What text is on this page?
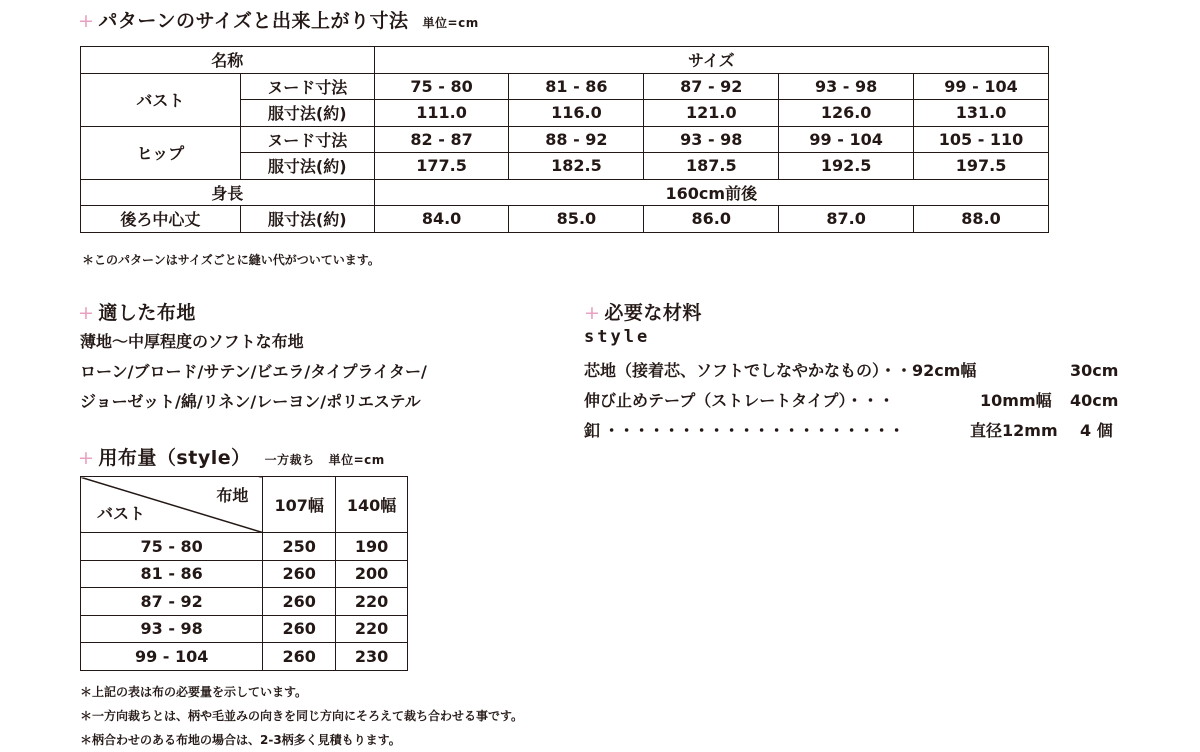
+ パターンのサイズと出来上がり寸法 単位=cm
名称		サイズ				
バスト	ヌード寸法	75 - 80	81 - 86	87 - 92	93 - 98	99 - 104
	服寸法(約)	111.0	116.0	121.0	126.0	131.0
ヒップ	ヌード寸法	82 - 87	88 - 92	93 - 98	99 - 104	105 - 110
	服寸法(約)	177.5	182.5	187.5	192.5	197.5
身長		160cm前後				
後ろ中心丈	服寸法(約)	84.0	85.0	86.0	87.0	88.0
＊このパターンはサイズごとに縫い代がついています。
+ 適した布地
薄地〜中厚程度のソフトな布地
ローン/ブロード/サテン/ビエラ/タイプライター/
ジョーゼット/綿/リネン/レーヨン/ポリエステル
+ 必要な材料
style
芯地（接着芯、ソフトでしなやかなもの）・・92cm幅	30cm
伸び止めテープ（ストレートタイプ）・・・	10mm幅 40cm
釦 ・・・・・・・・・・・・・・・・・・・・	直径12mm 4 個
+ 用布量（style） 一方裁ち 単位=cm
布地
バスト	107幅	140幅
75 - 80	250	190
81 - 86	260	200
87 - 92	260	220
93 - 98	260	220
99 - 104	260	230
＊上記の表は布の必要量を示しています。
＊一方向裁ちとは、柄や毛並みの向きを同じ方向にそろえて裁ち合わせる事です。
＊柄合わせのある布地の場合は、2-3柄多く見積もります。
